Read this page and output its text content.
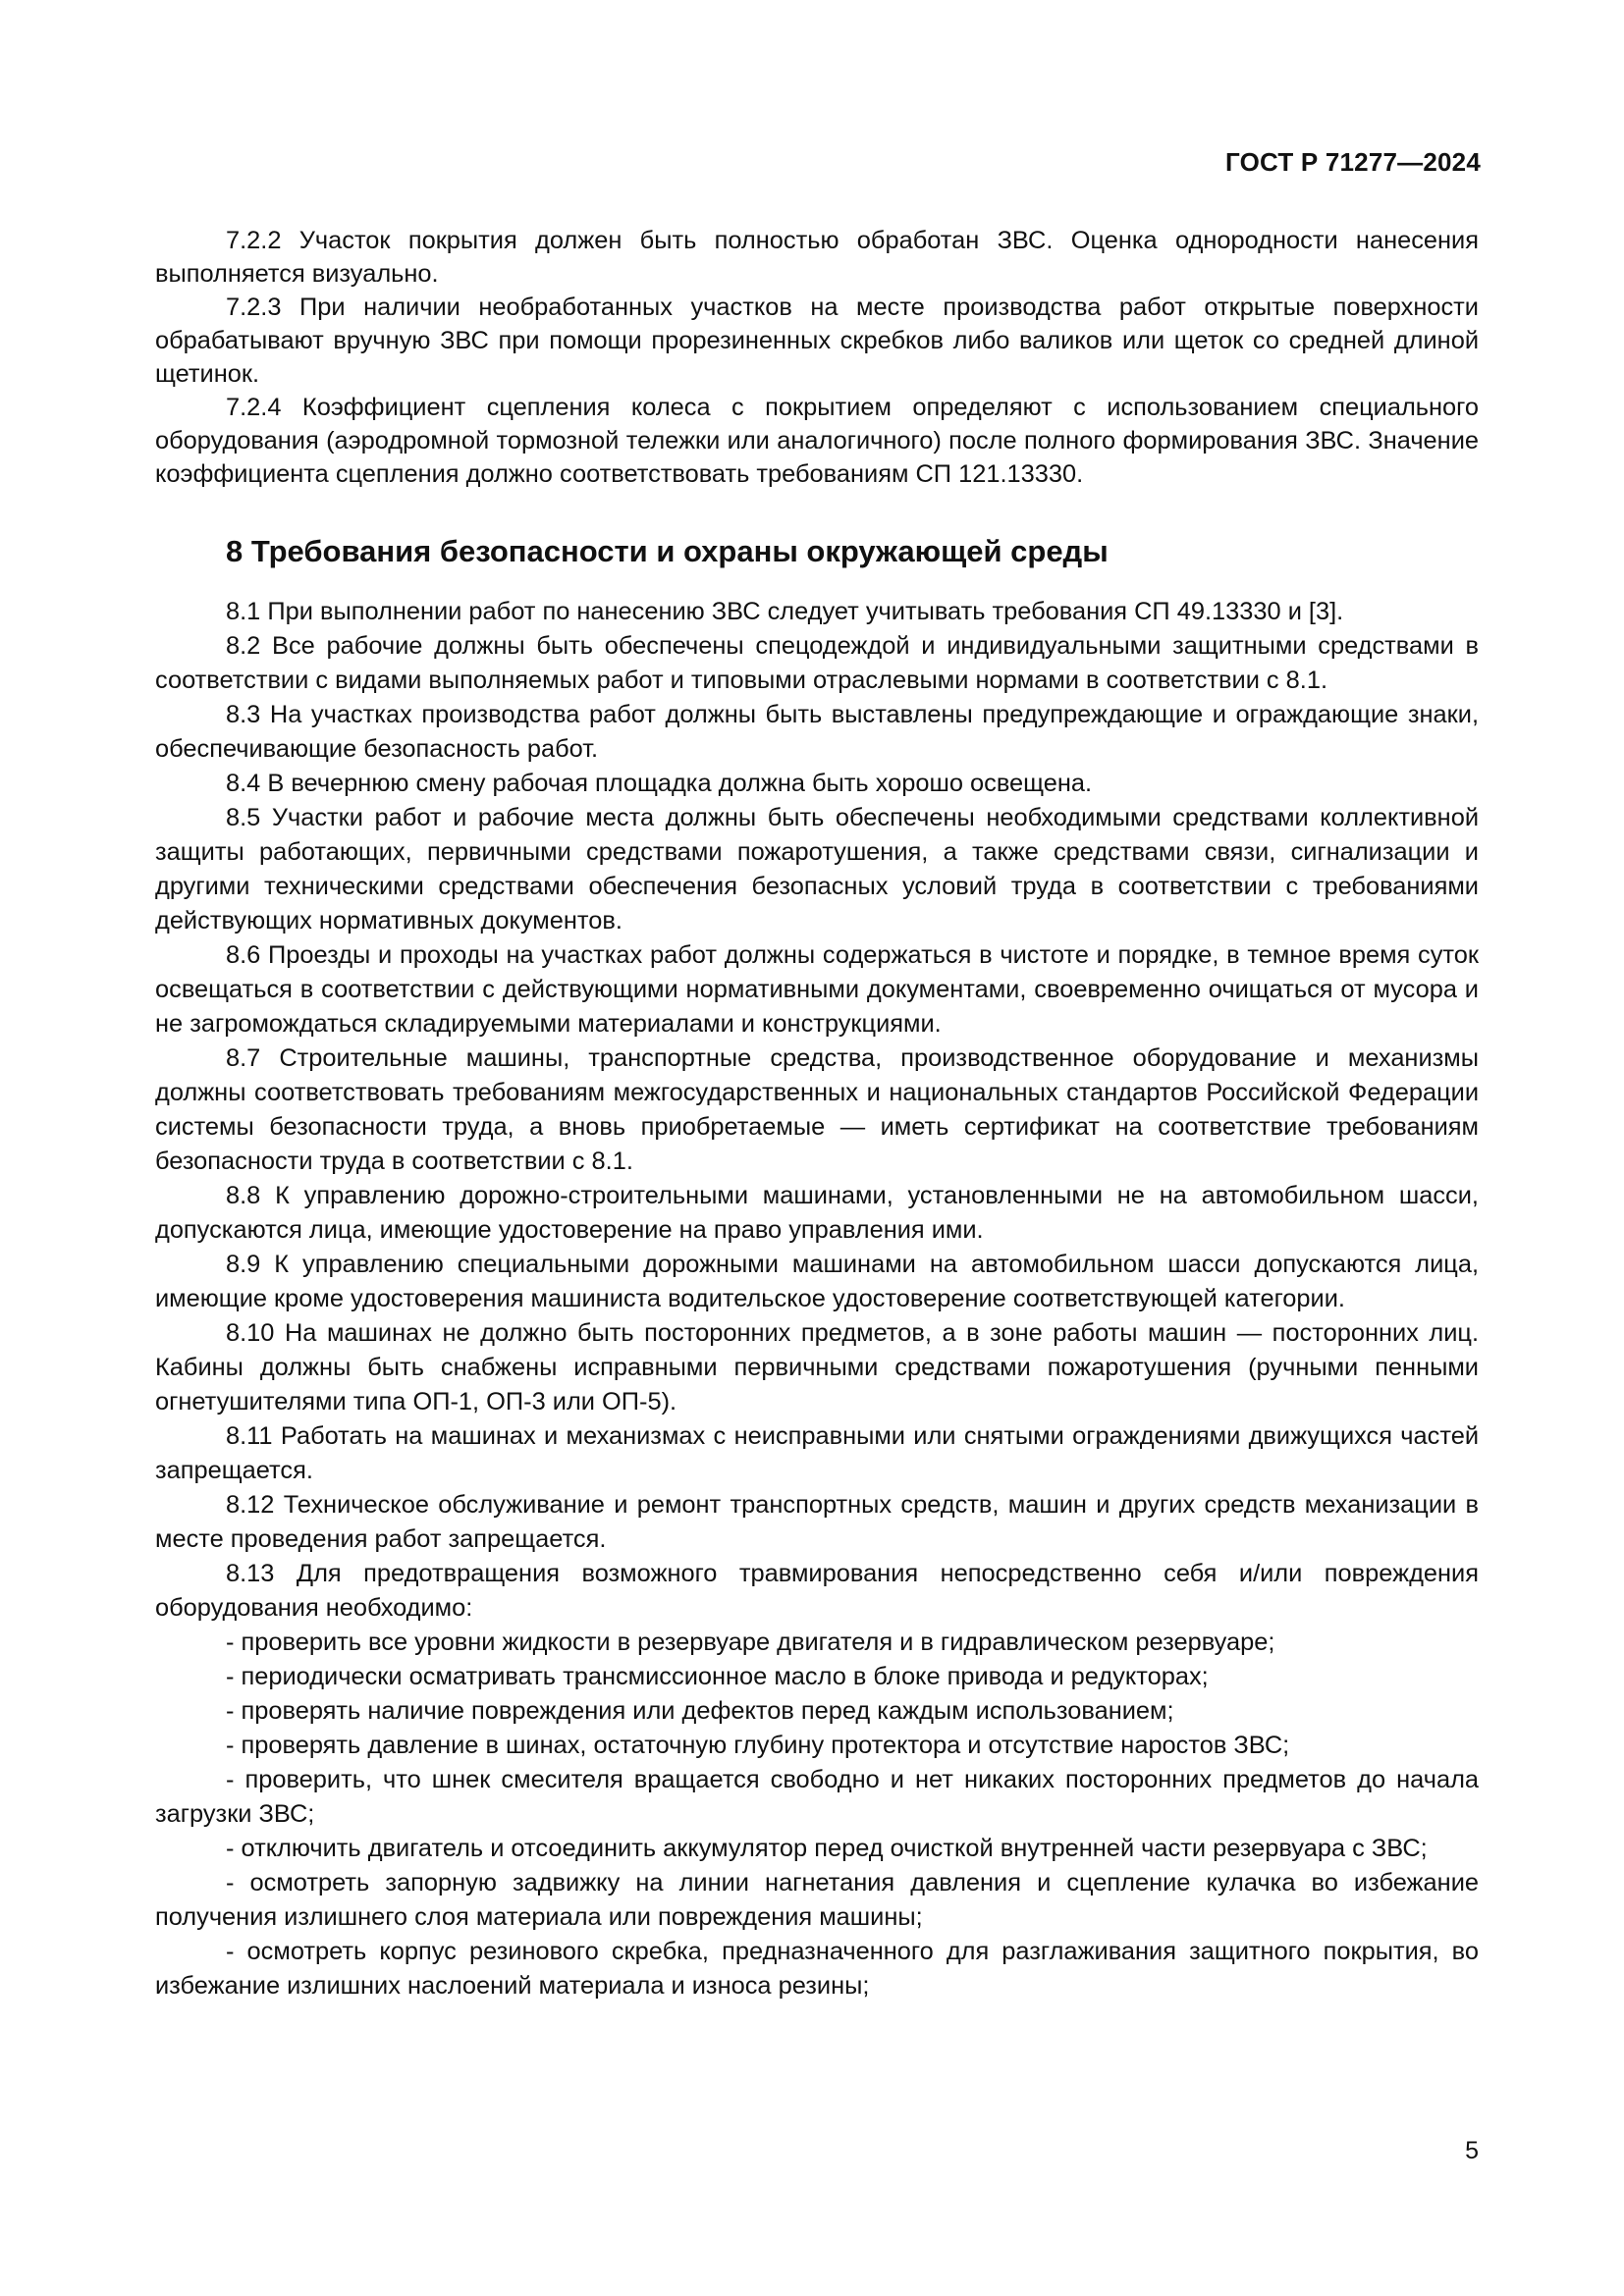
ГОСТ Р 71277—2024

7.2.2 Участок покрытия должен быть полностью обработан ЗВС. Оценка однородности нанесения выполняется визуально.

7.2.3 При наличии необработанных участков на месте производства работ открытые поверхности обрабатывают вручную ЗВС при помощи прорезиненных скребков либо валиков или щеток со средней длиной щетинок.

7.2.4 Коэффициент сцепления колеса с покрытием определяют с использованием специального оборудования (аэродромной тормозной тележки или аналогичного) после полного формирования ЗВС. Значение коэффициента сцепления должно соответствовать требованиям СП 121.13330.

8 Требования безопасности и охраны окружающей среды

8.1 При выполнении работ по нанесению ЗВС следует учитывать требования СП 49.13330 и [3].

8.2 Все рабочие должны быть обеспечены спецодеждой и индивидуальными защитными средствами в соответствии с видами выполняемых работ и типовыми отраслевыми нормами в соответствии с 8.1.

8.3 На участках производства работ должны быть выставлены предупреждающие и ограждающие знаки, обеспечивающие безопасность работ.

8.4 В вечернюю смену рабочая площадка должна быть хорошо освещена.

8.5 Участки работ и рабочие места должны быть обеспечены необходимыми средствами коллективной защиты работающих, первичными средствами пожаротушения, а также средствами связи, сигнализации и другими техническими средствами обеспечения безопасных условий труда в соответствии с требованиями действующих нормативных документов.

8.6 Проезды и проходы на участках работ должны содержаться в чистоте и порядке, в темное время суток освещаться в соответствии с действующими нормативными документами, своевременно очищаться от мусора и не загромождаться складируемыми материалами и конструкциями.

8.7 Строительные машины, транспортные средства, производственное оборудование и механизмы должны соответствовать требованиям межгосударственных и национальных стандартов Российской Федерации системы безопасности труда, а вновь приобретаемые — иметь сертификат на соответствие требованиям безопасности труда в соответствии с 8.1.

8.8 К управлению дорожно-строительными машинами, установленными не на автомобильном шасси, допускаются лица, имеющие удостоверение на право управления ими.

8.9 К управлению специальными дорожными машинами на автомобильном шасси допускаются лица, имеющие кроме удостоверения машиниста водительское удостоверение соответствующей категории.

8.10 На машинах не должно быть посторонних предметов, а в зоне работы машин — посторонних лиц. Кабины должны быть снабжены исправными первичными средствами пожаротушения (ручными пенными огнетушителями типа ОП-1, ОП-3 или ОП-5).

8.11 Работать на машинах и механизмах с неисправными или снятыми ограждениями движущихся частей запрещается.

8.12 Техническое обслуживание и ремонт транспортных средств, машин и других средств механизации в месте проведения работ запрещается.

8.13 Для предотвращения возможного травмирования непосредственно себя и/или повреждения оборудования необходимо:

- проверить все уровни жидкости в резервуаре двигателя и в гидравлическом резервуаре;

- периодически осматривать трансмиссионное масло в блоке привода и редукторах;

- проверять наличие повреждения или дефектов перед каждым использованием;

- проверять давление в шинах, остаточную глубину протектора и отсутствие наростов ЗВС;

- проверить, что шнек смесителя вращается свободно и нет никаких посторонних предметов до начала загрузки ЗВС;

- отключить двигатель и отсоединить аккумулятор перед очисткой внутренней части резервуара с ЗВС;

- осмотреть запорную задвижку на линии нагнетания давления и сцепление кулачка во избежание получения излишнего слоя материала или повреждения машины;

- осмотреть корпус резинового скребка, предназначенного для разглаживания защитного покрытия, во избежание излишних наслоений материала и износа резины;

5
